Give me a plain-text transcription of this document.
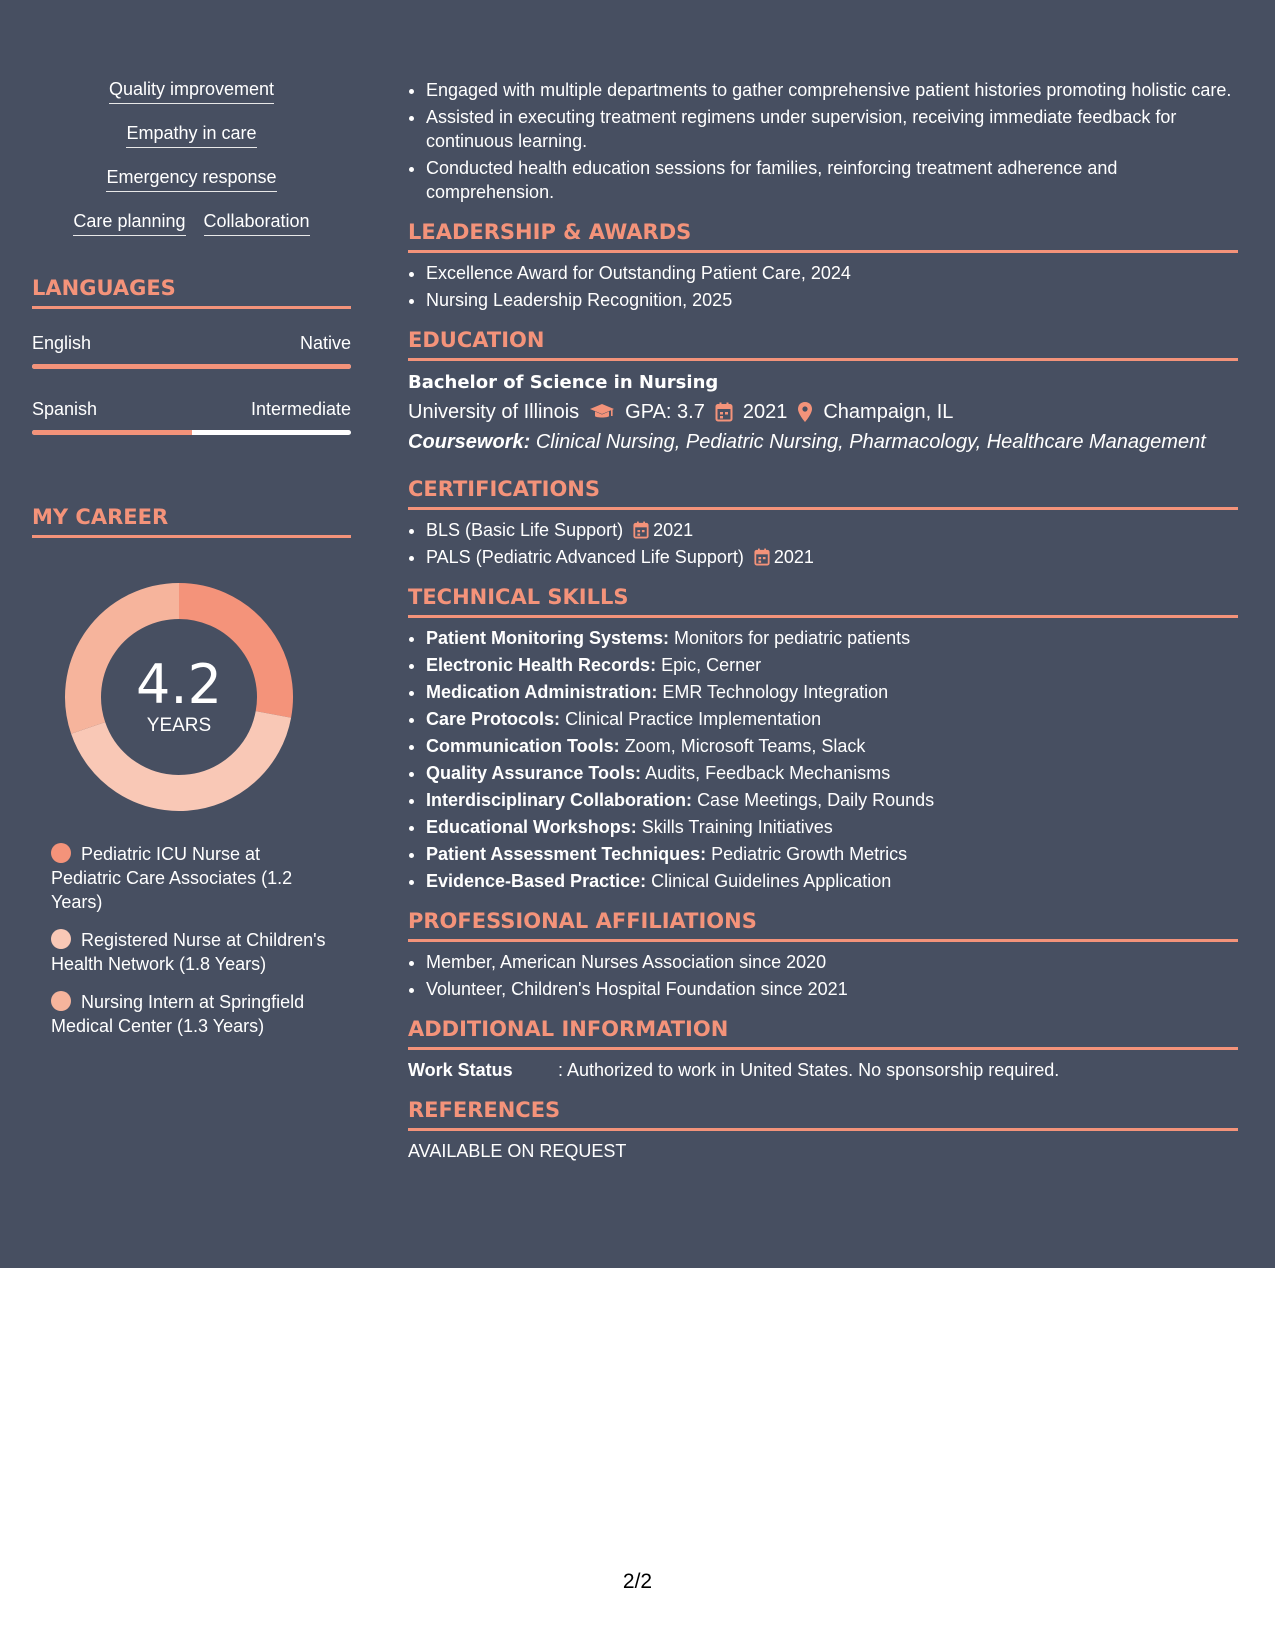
Quality improvement
Empathy in care
Emergency response
Care planning Collaboration
LANGUAGES
English	Native
Spanish	Intermediate
MY CAREER
4.2
YEARS
Pediatric ICU Nurse at Pediatric Care Associates (1.2 Years)
Registered Nurse at Children's Health Network (1.8 Years)
Nursing Intern at Springfield Medical Center (1.3 Years)
• Engaged with multiple departments to gather comprehensive patient histories promoting holistic care.
• Assisted in executing treatment regimens under supervision, receiving immediate feedback for continuous learning.
• Conducted health education sessions for families, reinforcing treatment adherence and comprehension.
LEADERSHIP & AWARDS
• Excellence Award for Outstanding Patient Care, 2024
• Nursing Leadership Recognition, 2025
EDUCATION
Bachelor of Science in Nursing
University of Illinois GPA: 3.7 2021 Champaign, IL
Coursework: Clinical Nursing, Pediatric Nursing, Pharmacology, Healthcare Management
CERTIFICATIONS
• BLS (Basic Life Support) 2021
• PALS (Pediatric Advanced Life Support) 2021
TECHNICAL SKILLS
• Patient Monitoring Systems: Monitors for pediatric patients
• Electronic Health Records: Epic, Cerner
• Medication Administration: EMR Technology Integration
• Care Protocols: Clinical Practice Implementation
• Communication Tools: Zoom, Microsoft Teams, Slack
• Quality Assurance Tools: Audits, Feedback Mechanisms
• Interdisciplinary Collaboration: Case Meetings, Daily Rounds
• Educational Workshops: Skills Training Initiatives
• Patient Assessment Techniques: Pediatric Growth Metrics
• Evidence-Based Practice: Clinical Guidelines Application
PROFESSIONAL AFFILIATIONS
• Member, American Nurses Association since 2020
• Volunteer, Children's Hospital Foundation since 2021
ADDITIONAL INFORMATION
Work Status	: Authorized to work in United States. No sponsorship required.
REFERENCES
AVAILABLE ON REQUEST
2/2
